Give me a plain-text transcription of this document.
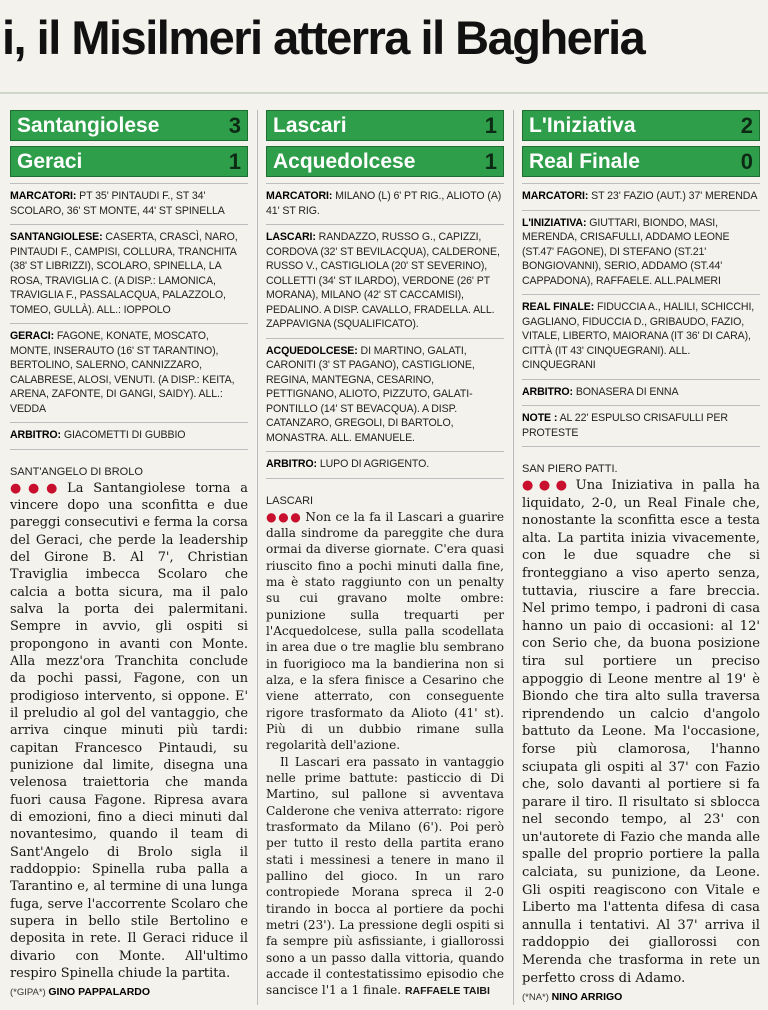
i, il Misilmeri atterra il Bagheria
Santangiolese	3
Geraci	1
MARCATORI: PT 35' PINTAUDI F., ST 34' SCOLARO, 36' ST MONTE, 44' ST SPINELLA
SANTANGIOLESE: CASERTA, CRASCÌ, NARO, PINTAUDI F., CAMPISI, COLLURA, TRANCHITA (38' ST LIBRIZZI), SCOLARO, SPINELLA, LA ROSA, TRAVIGLIA C. (A DISP.: LAMONICA, TRAVIGLIA F., PASSALACQUA, PALAZZOLO, TOMEO, GULLÀ). ALL.: IOPPOLO
GERACI: FAGONE, KONATE, MOSCATO, MONTE, INSERAUTO (16' ST TARANTINO), BERTOLINO, SALERNO, CANNIZZARO, CALABRESE, ALOSI, VENUTI. (A DISP.: KEITA, ARENA, ZAFONTE, DI GANGI, SAIDY). ALL.: VEDDA
ARBITRO: GIACOMETTI DI GUBBIO
SANT'ANGELO DI BROLO

●●● La Santangiolese torna a vincere dopo una sconfitta e due pareggi consecutivi e ferma la corsa del Geraci, che perde la leadership del Girone B. Al 7', Christian Traviglia imbecca Scolaro che calcia a botta sicura, ma il palo salva la porta dei palermitani. Sempre in avvio, gli ospiti si propongono in avanti con Monte. Alla mezz'ora Tranchita conclude da pochi passi, Fagone, con un prodigioso intervento, si oppone. E' il preludio al gol del vantaggio, che arriva cinque minuti più tardi: capitan Francesco Pintaudi, su punizione dal limite, disegna una velenosa traiettoria che manda fuori causa Fagone. Ripresa avara di emozioni, fino a dieci minuti dal novantesimo, quando il team di Sant'Angelo di Brolo sigla il raddoppio: Spinella ruba palla a Tarantino e, al termine di una lunga fuga, serve l'accorrente Scolaro che supera in bello stile Bertolino e deposita in rete. Il Geraci riduce il divario con Monte. All'ultimo respiro Spinella chiude la partita.

(*GIPA*) GINO PAPPALARDO
Lascari	1
Acquedolcese	1
MARCATORI: MILANO (L) 6' PT RIG., ALIOTO (A) 41' ST RIG.
LASCARI: RANDAZZO, RUSSO G., CAPIZZI, CORDOVA (32' ST BEVILACQUA), CALDERONE, RUSSO V., CASTIGLIOLA (20' ST SEVERINO), COLLETTI (34' ST ILARDO), VERDONE (26' PT MORANA), MILANO (42' ST CACCAMISI), PEDALINO. A DISP. CAVALLO, FRADELLA. ALL. ZAPPAVIGNA (SQUALIFICATO).
ACQUEDOLCESE: DI MARTINO, GALATI, CARONITI (3' ST PAGANO), CASTIGLIONE, REGINA, MANTEGNA, CESARINO, PETTIGNANO, ALIOTO, PIZZUTO, GALATI-PONTILLO (14' ST BEVACQUA). A DISP. CATANZARO, GREGOLI, DI BARTOLO, MONASTRA. ALL. EMANUELE.
ARBITRO: LUPO DI AGRIGENTO.
LASCARI

●●● Non ce la fa il Lascari a guarire dalla sindrome da pareggite che dura ormai da diverse giornate. C'era quasi riuscito fino a pochi minuti dalla fine, ma è stato raggiunto con un penalty su cui gravano molte ombre: punizione sulla trequarti per l'Acquedolcese, sulla palla scodellata in area due o tre maglie blu sembrano in fuorigioco ma la bandierina non si alza, e la sfera finisce a Cesarino che viene atterrato, con conseguente rigore trasformato da Alioto (41' st). Più di un dubbio rimane sulla regolarità dell'azione.

Il Lascari era passato in vantaggio nelle prime battute: pasticcio di Di Martino, sul pallone si avventava Calderone che veniva atterrato: rigore trasformato da Milano (6'). Poi però per tutto il resto della partita erano stati i messinesi a tenere in mano il pallino del gioco. In un raro contropiede Morana spreca il 2-0 tirando in bocca al portiere da pochi metri (23'). La pressione degli ospiti si fa sempre più asfissiante, i giallorossi sono a un passo dalla vittoria, quando accade il contestatissimo episodio che sancisce l'1 a 1 finale. RAFFAELE TAIBI

L'Iniziativa	2
Real Finale	0
MARCATORI: ST 23' FAZIO (AUT.) 37' MERENDA
L'INIZIATIVA: GIUTTARI, BIONDO, MASI, MERENDA, CRISAFULLI, ADDAMO LEONE (ST.47' FAGONE), DI STEFANO (ST.21' BONGIOVANNI), SERIO, ADDAMO (ST.44' CAPPADONA), RAFFAELE. ALL.PALMERI
REAL FINALE: FIDUCCIA A., HALILI, SCHICCHI, GAGLIANO, FIDUCCIA D., GRIBAUDO, FAZIO, VITALE, LIBERTO, MAIORANA (IT 36' DI CARA), CITTÀ (IT 43' CINQUEGRANI). ALL. CINQUEGRANI
ARBITRO: BONASERA DI ENNA
NOTE : AL 22' ESPULSO CRISAFULLI PER PROTESTE
SAN PIERO PATTI.

●●● Una Iniziativa in palla ha liquidato, 2-0, un Real Finale che, nonostante la sconfitta esce a testa alta. La partita inizia vivacemente, con le due squadre che si fronteggiano a viso aperto senza, tuttavia, riuscire a fare breccia. Nel primo tempo, i padroni di casa hanno un paio di occasioni: al 12' con Serio che, da buona posizione tira sul portiere un preciso appoggio di Leone mentre al 19' è Biondo che tira alto sulla traversa riprendendo un calcio d'angolo battuto da Leone. Ma l'occasione, forse più clamorosa, l'hanno sciupata gli ospiti al 37' con Fazio che, solo davanti al portiere si fa parare il tiro. Il risultato si sblocca nel secondo tempo, al 23' con un'autorete di Fazio che manda alle spalle del proprio portiere la palla calciata, su punizione, da Leone. Gli ospiti reagiscono con Vitale e Liberto ma l'attenta difesa di casa annulla i tentativi. Al 37' arriva il raddoppio dei giallorossi con Merenda che trasforma in rete un perfetto cross di Adamo.

(*NA*) NINO ARRIGO
